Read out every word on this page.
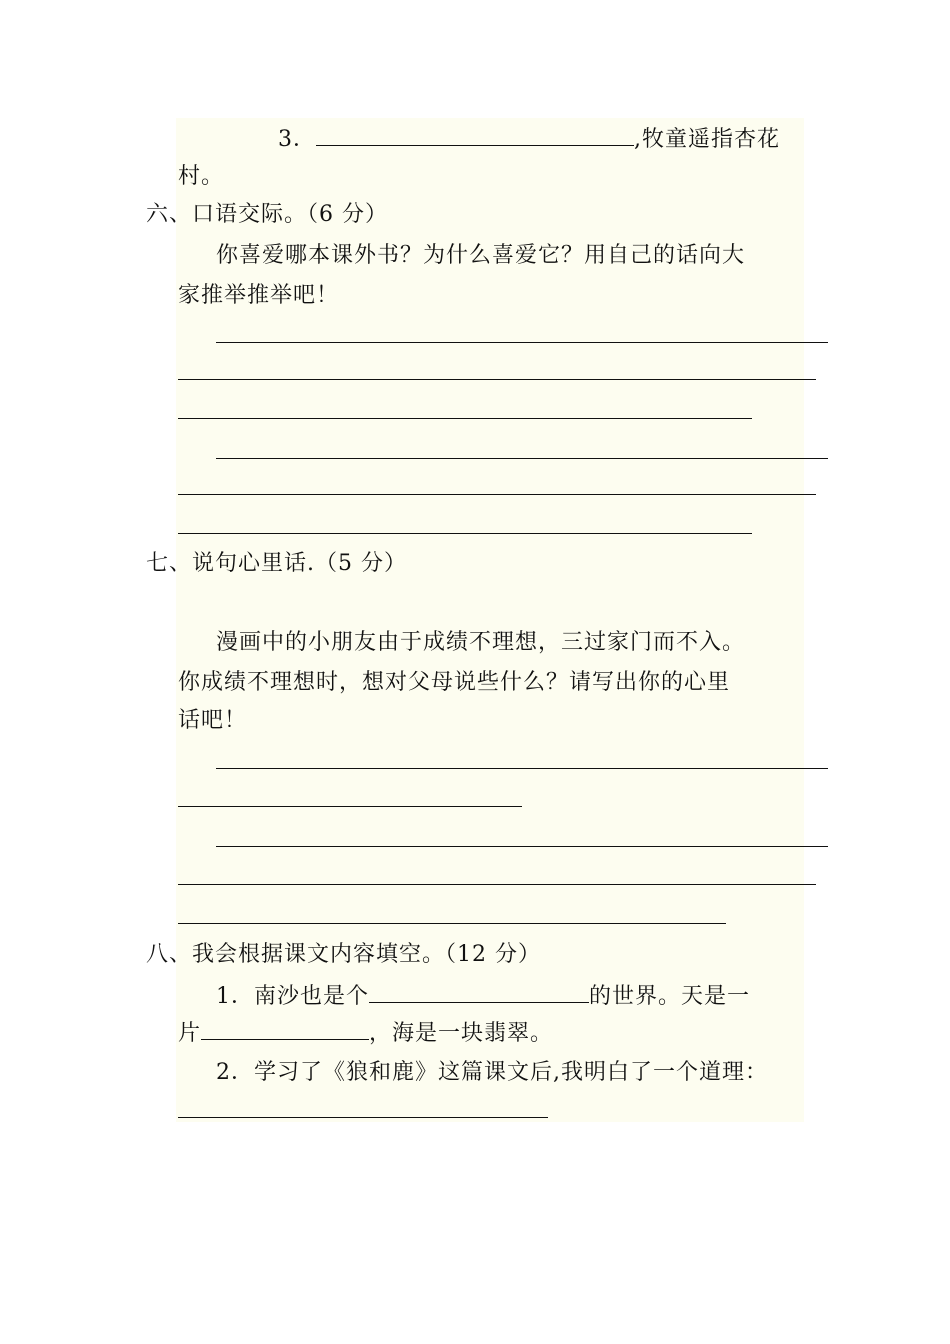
3．	,牧童遥指杏花
村。
六、口语交际。（6 分）
你喜爱哪本课外书？为什么喜爱它？用自己的话向大
家推举推举吧！
七、说句心里话.（5 分）
漫画中的小朋友由于成绩不理想，三过家门而不入。
你成绩不理想时，想对父母说些什么？请写出你的心里
话吧！
八、我会根据课文内容填空。（12 分）
1．南沙也是个	的世界。天是一
片	，海是一块翡翠。
2．学习了《狼和鹿》这篇课文后,我明白了一个道理：
